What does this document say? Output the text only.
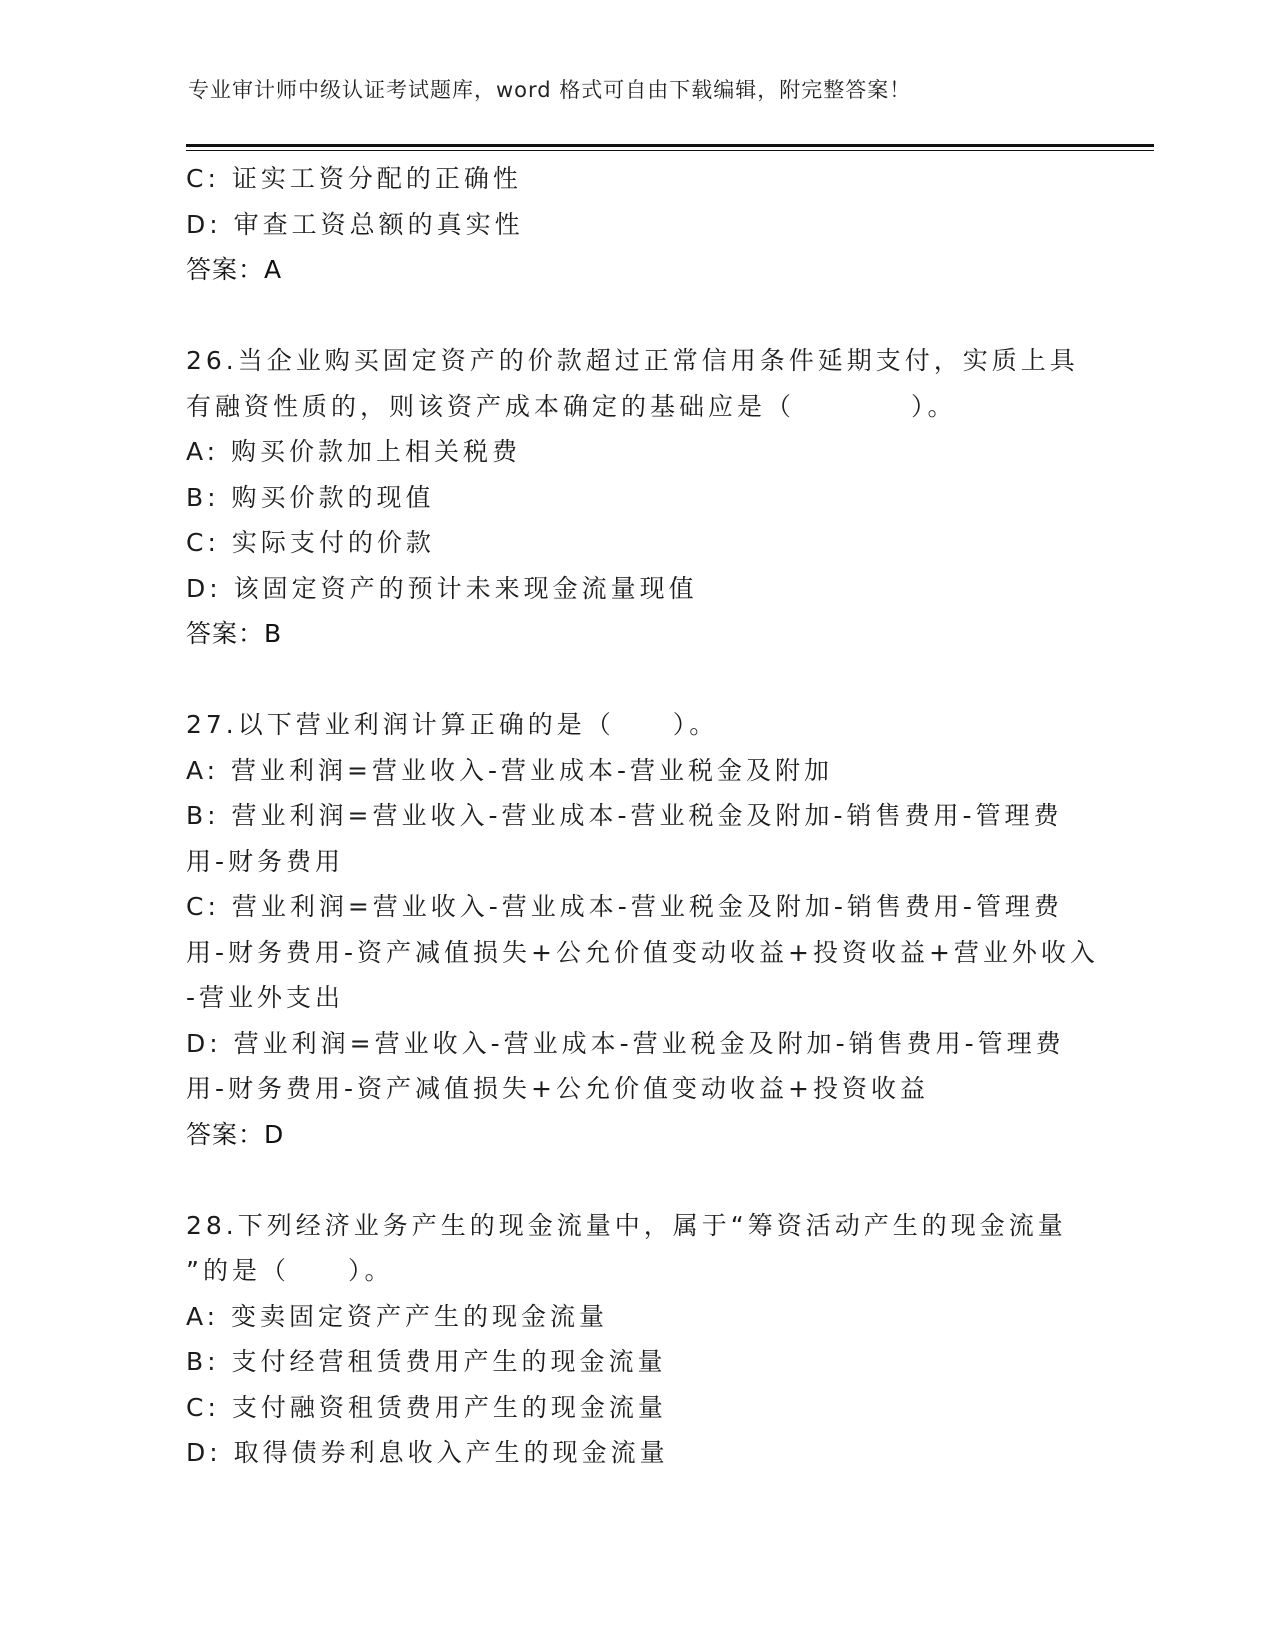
专业审计师中级认证考试题库，word 格式可自由下载编辑，附完整答案！
C: 证实工资分配的正确性
D: 审查工资总额的真实性
答案：A
26.当企业购买固定资产的价款超过正常信用条件延期支付，实质上具
有融资性质的，则该资产成本确定的基础应是（　　　　）。
A: 购买价款加上相关税费
B: 购买价款的现值
C: 实际支付的价款
D: 该固定资产的预计未来现金流量现值
答案：B
27.以下营业利润计算正确的是（　　）。
A: 营业利润=营业收入-营业成本-营业税金及附加
B: 营业利润=营业收入-营业成本-营业税金及附加-销售费用-管理费
用-财务费用
C: 营业利润=营业收入-营业成本-营业税金及附加-销售费用-管理费
用-财务费用-资产减值损失+公允价值变动收益+投资收益+营业外收入
-营业外支出
D: 营业利润=营业收入-营业成本-营业税金及附加-销售费用-管理费
用-财务费用-资产减值损失+公允价值变动收益+投资收益
答案：D
28.下列经济业务产生的现金流量中，属于“筹资活动产生的现金流量
”的是（　　）。
A: 变卖固定资产产生的现金流量
B: 支付经营租赁费用产生的现金流量
C: 支付融资租赁费用产生的现金流量
D: 取得债券利息收入产生的现金流量
